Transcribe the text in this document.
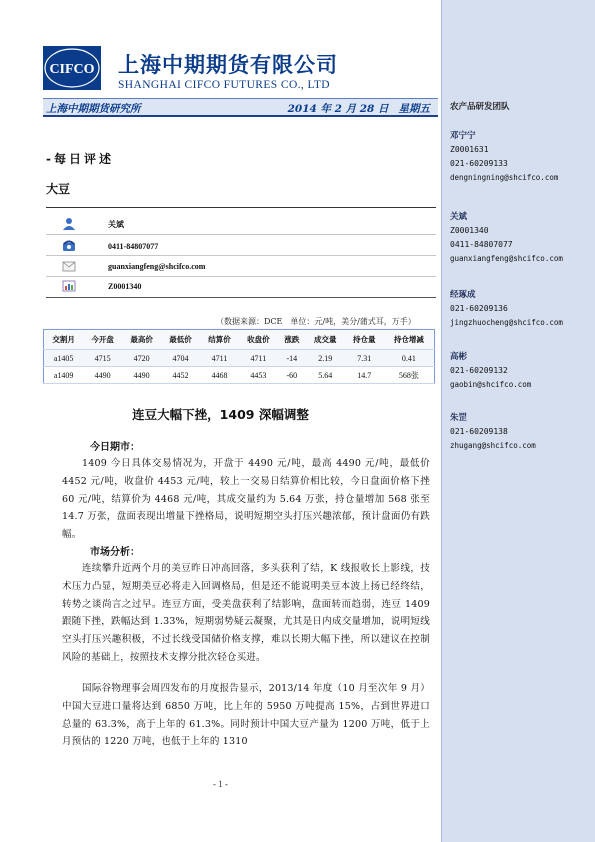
CIFCO 上海中期期货有限公司
SHANGHAI CIFCO FUTURES CO., LTD
上海中期期货研究所	2014 年 2 月 28 日 星期五 农产品研发团队
邓宁宁
Z0001631
021-60209133
dengningning@shcifco.com
关斌
Z0001340
0411-84807077
guanxiangfeng@shcifco.com
经琢成
021-60209136
jingzhuocheng@shcifco.com
高彬
021-60209132
gaobin@shcifco.com
朱罡
021-60209138
zhugang@shcifco.com
-每日评述
大豆
关斌
0411-84807077
guanxiangfeng@shcifco.com
Z0001340
（数据来源：DCE　单位：元/吨，美分/蒲式耳，万手）
交割月	今开盘	最高价	最低价	结算价	收盘价	涨跌	成交量	持仓量	持仓增减
a1405	4715	4720	4704	4711	4711	-14	2.19	7.31	0.41
a1409	4490	4490	4452	4468	4453	-60	5.64	14.7	568张
连豆大幅下挫，1409 深幅调整
今日期市：
1409 今日具体交易情况为，开盘于 4490 元/吨，最高 4490 元/吨，最低价 4452 元/吨，收盘价 4453 元/吨，较上一交易日结算价相比较，今日盘面价格下挫 60 元/吨，结算价为 4468 元/吨，其成交量约为 5.64 万张，持仓量增加 568 张至 14.7 万张，盘面表现出增量下挫格局，说明短期空头打压兴趣浓郁，预计盘面仍有跌幅。
市场分析：
连续攀升近两个月的美豆昨日冲高回落，多头获利了结，K 线报收长上影线，技术压力凸显，短期美豆必将走入回调格局，但是还不能说明美豆本波上扬已经终结，转势之谈尚言之过早。连豆方面，受美盘获利了结影响，盘面转而趋弱，连豆 1409 跟随下挫，跌幅达到 1.33%，短期弱势疑云凝聚，尤其是日内成交量增加，说明短线空头打压兴趣积极，不过长线受国储价格支撑，难以长期大幅下挫，所以建议在控制风险的基础上，按照技术支撑分批次轻仓买进。
国际谷物理事会周四发布的月度报告显示，2013/14 年度（10 月至次年 9 月）中国大豆进口量将达到 6850 万吨，比上年的 5950 万吨提高 15%，占到世界进口总量的 63.3%，高于上年的 61.3%。同时预计中国大豆产量为 1200 万吨，低于上月预估的 1220 万吨，也低于上年的 1310
- 1 -
